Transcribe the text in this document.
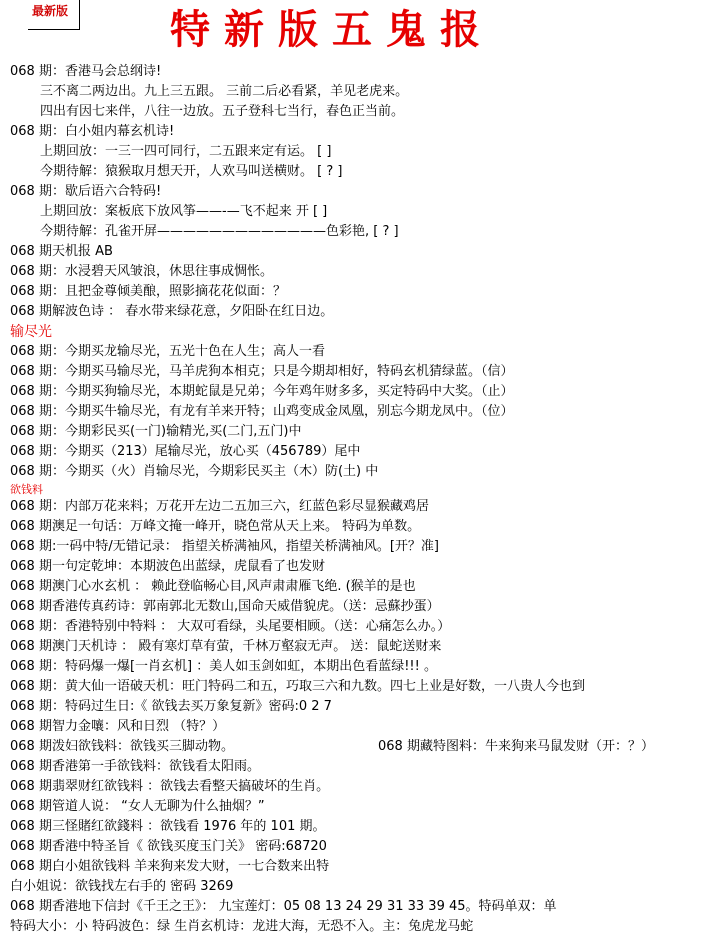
最新版	特新版五鬼报
068 期：香港马会总纲诗!
三不离二两边出。九上三五跟。 三前二后必看紧，羊见老虎来。
四出有因七来伴，八往一边放。五子登科七当行，春色正当前。
068 期：白小姐内幕玄机诗!
上期回放：一三一四可同行，二五跟来定有运。 [ ]
今期待解：猿猴取月想天开，人欢马叫送横财。 [ ? ]
068 期：歇后语六合特码!
上期回放：案板底下放风筝——-—飞不起来 开 [ ]
今期待解：孔雀开屏—————————————色彩艳, [ ? ]
068 期天机报 AB
068 期：水浸碧天风皱浪，休思往事成惆怅。
068 期：且把金尊倾美酿，照影摘花花似面：？
068 期解波色诗 ： 春水带来绿花意，夕阳卧在红日边。
输尽光
068 期：今期买龙输尽光，五光十色在人生；高人一看
068 期：今期买马输尽光，马羊虎狗本相克；只是今期却相好，特码玄机猜绿蓝。（信）
068 期：今期买狗输尽光，本期蛇鼠是兄弟；今年鸡年财多多，买定特码中大奖。（止）
068 期：今期买牛输尽光，有龙有羊来开特；山鸡变成金凤凰，别忘今期龙凤中。（位）
068 期：今期彩民买(一门)输精光,买(二门,五门)中
068 期：今期买（213）尾输尽光，放心买（456789）尾中
068 期：今期买（火）肖输尽光，今期彩民买主（木）防(土) 中
欲钱料
068 期：内部万花来料；万花开左边二五加三六，红蓝色彩尽显猴藏鸡居
068 期澳足一句话：万峰文掩一峰开，晓色常从天上来。 特码为单数。
068 期:一码中特/无错记录： 指望关桥满袖风，指望关桥满袖风。[开？准]
068 期一句定乾坤：本期波色出蓝绿，虎鼠看了也发财
068 期澳门心水玄机 ： 赖此登临畅心目,风声肃肃雁飞绝. (猴羊的是也
068 期香港传真药诗：郭南郭北无数山,国命天威借貌虎。（送：忌蘇抄蛋）
068 期：香港特别中特料 ： 大双可看绿，头尾要相顾。（送：心痛怎么办。）
068 期澳门天机诗 ： 殿有寒灯草有萤，千林万壑寂无声。 送：鼠蛇送财来
068 期：特码爆一爆[一肖玄机] ：美人如玉剑如虹，本期出色看蓝绿!!! 。
068 期：黄大仙一语破天机：旺门特码二和五，巧取三六和九数。四七上业是好数，一八贵人今也到
068 期：特码过生日:《 欲钱去买万象复新》密码:0 2 7
068 期智力金嚷：风和日烈 （特？）
068 期泼妇欲钱料：欲钱买三脚动物。	068 期藏特图料：牛来狗来马鼠发财（开：？）
068 期香港第一手欲钱料：欲钱看太阳雨。
068 期翡翠财红欲钱料 ：欲钱去看整天搞破坏的生肖。
068 期管道人说： “女人无聊为什么抽烟？”
068 期三怪賭红欲錢料 ：欲钱看 1976 年的 101 期。
068 期香港中特圣旨《 欲钱买度玉门关》 密码:68720
068 期白小姐欲钱料 羊来狗来发大财，一七合数来出特
白小姐说：欲钱找左右手的 密码 3269
068 期香港地下信封《千王之王》： 九宝莲灯：05 08 13 24 29 31 33 39 45。特码单双：单
特码大小：小 特码波色：绿 生肖玄机诗：龙进大海，无恐不入。主：兔虎龙马蛇
